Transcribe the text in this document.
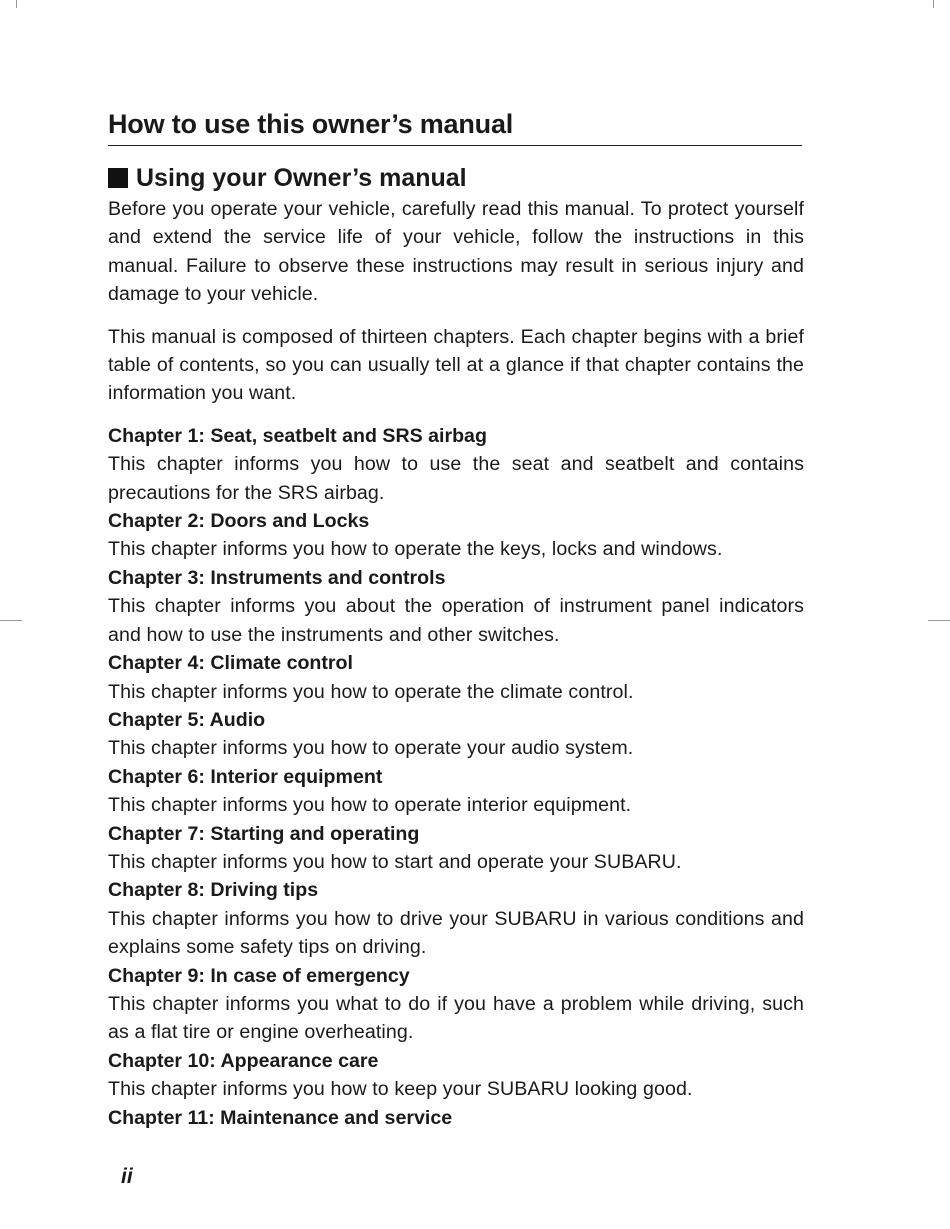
How to use this owner’s manual
Using your Owner’s manual

Before you operate your vehicle, carefully read this manual. To protect yourself and extend the service life of your vehicle, follow the instructions in this manual. Failure to observe these instructions may result in serious injury and damage to your vehicle.

This manual is composed of thirteen chapters. Each chapter begins with a brief table of contents, so you can usually tell at a glance if that chapter contains the information you want.

Chapter 1: Seat, seatbelt and SRS airbag

This chapter informs you how to use the seat and seatbelt and contains precautions for the SRS airbag.

Chapter 2: Doors and Locks

This chapter informs you how to operate the keys, locks and windows.

Chapter 3: Instruments and controls

This chapter informs you about the operation of instrument panel indicators and how to use the instruments and other switches.

Chapter 4: Climate control

This chapter informs you how to operate the climate control.

Chapter 5: Audio

This chapter informs you how to operate your audio system.

Chapter 6: Interior equipment

This chapter informs you how to operate interior equipment.

Chapter 7: Starting and operating

This chapter informs you how to start and operate your SUBARU.

Chapter 8: Driving tips

This chapter informs you how to drive your SUBARU in various conditions and explains some safety tips on driving.

Chapter 9: In case of emergency

This chapter informs you what to do if you have a problem while driving, such as a flat tire or engine overheating.

Chapter 10: Appearance care

This chapter informs you how to keep your SUBARU looking good.

Chapter 11: Maintenance and service

ii
